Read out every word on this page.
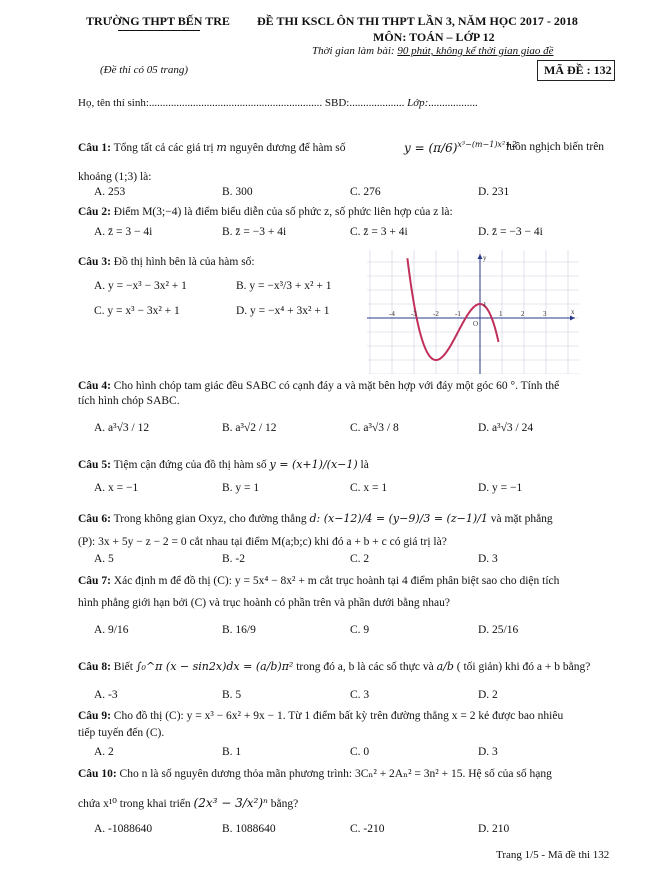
TRƯỜNG THPT BẾN TRE ĐỀ THI KSCL ÔN THI THPT LẦN 3, NĂM HỌC 2017 - 2018
MÔN: TOÁN – LỚP 12
Thời gian làm bài: 90 phút, không kể thời gian giao đề
(Đề thi có 05 trang)	MÃ ĐỀ : 132
Họ, tên thí sinh:............................................................... SBD:.................... Lớp:..................
Câu 1: Tổng tất cả các giá trị m nguyên dương để hàm số	$y = (\pi/6)^{x^3-(m-1)x^2+2}$
luôn nghịch biến trên
khoảng (1;3) là:
A. 253	B. 300	C. 276	D. 231
Câu 2: Điểm M(3;−4) là điểm biểu diễn của số phức z, số phức liên hợp của z là:
A. z̄ = 3 − 4i	B. z̄ = −3 + 4i	C. z̄ = 3 + 4i	D. z̄ = −3 − 4i
Câu 3: Đồ thị hình bên là của hàm số:
A. y = −x³ − 3x² + 1	B. y = −x³/3 + x² + 1
C. y = x³ − 3x² + 1	D. y = −x⁴ + 3x² + 1	-4 -3 -2 -1	1	2	3
y
x
O
1
Câu 4: Cho hình chóp tam giác đều SABC có cạnh đáy a và mặt bên hợp với đáy một góc 60 °. Tính thể
tích hình chóp SABC.
A. a³√3 / 12	B. a³√2 / 12	C. a³√3 / 8	D. a³√3 / 24
Câu 5: Tiệm cận đứng của đồ thị hàm số y = (x+1)/(x−1) là
A. x = −1	B. y = 1	C. x = 1	D. y = −1
Câu 6: Trong không gian Oxyz, cho đường thẳng d: (x−12)/4 = (y−9)/3 = (z−1)/1 và mặt phẳng
(P): 3x + 5y − z − 2 = 0 cắt nhau tại điểm M(a;b;c) khi đó a + b + c có giá trị là?
A. 5	B. -2	C. 2	D. 3
Câu 7: Xác định m để đồ thị (C): y = 5x⁴ − 8x² + m cắt trục hoành tại 4 điểm phân biệt sao cho diện tích
hình phẳng giới hạn bởi (C) và trục hoành có phần trên và phần dưới bằng nhau?
A. 9/16	B. 16/9	C. 9	D. 25/16
Câu 8: Biết ∫₀^π (x − sin2x)dx = (a/b)π² trong đó a, b là các số thực và a/b ( tối giản) khi đó a + b bằng?
A. -3	B. 5	C. 3	D. 2
Câu 9: Cho đồ thị (C): y = x³ − 6x² + 9x − 1. Từ 1 điểm bất kỳ trên đường thẳng x = 2 kẻ được bao nhiêu
tiếp tuyến đến (C).
A. 2	B. 1	C. 0	D. 3
Câu 10: Cho n là số nguyên dương thỏa mãn phương trình: 3Cₙ² + 2Aₙ² = 3n² + 15. Hệ số của số hạng
chứa x¹⁰ trong khai triển (2x³ − 3/x²)ⁿ bằng?
A. -1088640	B. 1088640	C. -210	D. 210
Trang 1/5 - Mã đề thi 132
